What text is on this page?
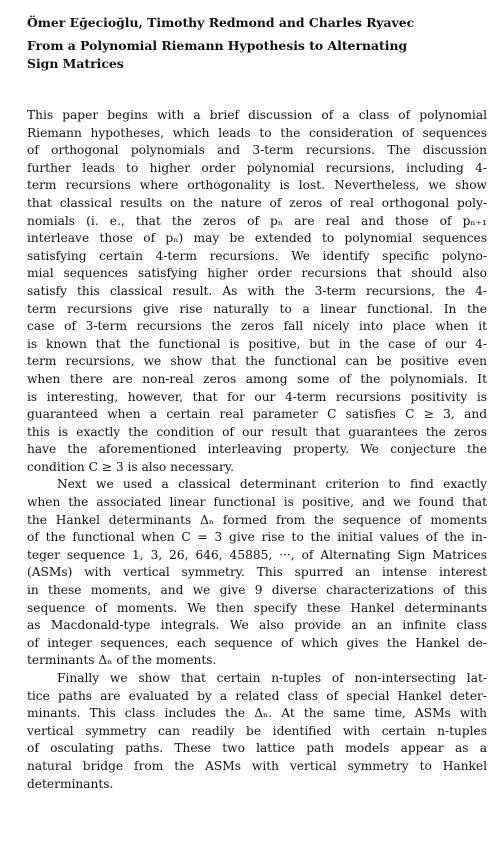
Ömer Eğecioğlu, Timothy Redmond and Charles Ryavec
From a Polynomial Riemann Hypothesis to Alternating
Sign Matrices

This paper begins with a brief discussion of a class of polynomial
Riemann hypotheses, which leads to the consideration of sequences
of orthogonal polynomials and 3-term recursions. The discussion
further leads to higher order polynomial recursions, including 4-
term recursions where orthogonality is lost. Nevertheless, we show
that classical results on the nature of zeros of real orthogonal poly-
nomials (i. e., that the zeros of pₙ are real and those of pₙ₊₁
interleave those of pₙ) may be extended to polynomial sequences
satisfying certain 4-term recursions. We identify specific polyno-
mial sequences satisfying higher order recursions that should also
satisfy this classical result. As with the 3-term recursions, the 4-
term recursions give rise naturally to a linear functional. In the
case of 3-term recursions the zeros fall nicely into place when it
is known that the functional is positive, but in the case of our 4-
term recursions, we show that the functional can be positive even
when there are non-real zeros among some of the polynomials. It
is interesting, however, that for our 4-term recursions positivity is
guaranteed when a certain real parameter C satisfies C ≥ 3, and
this is exactly the condition of our result that guarantees the zeros
have the aforementioned interleaving property. We conjecture the
condition C ≥ 3 is also necessary.

Next we used a classical determinant criterion to find exactly
when the associated linear functional is positive, and we found that
the Hankel determinants Δₙ formed from the sequence of moments
of the functional when C = 3 give rise to the initial values of the in-
teger sequence 1, 3, 26, 646, 45885, ···, of Alternating Sign Matrices
(ASMs) with vertical symmetry. This spurred an intense interest
in these moments, and we give 9 diverse characterizations of this
sequence of moments. We then specify these Hankel determinants
as Macdonald-type integrals. We also provide an an infinite class
of integer sequences, each sequence of which gives the Hankel de-
terminants Δₙ of the moments.

Finally we show that certain n-tuples of non-intersecting lat-
tice paths are evaluated by a related class of special Hankel deter-
minants. This class includes the Δₙ. At the same time, ASMs with
vertical symmetry can readily be identified with certain n-tuples
of osculating paths. These two lattice path models appear as a
natural bridge from the ASMs with vertical symmetry to Hankel
determinants.
